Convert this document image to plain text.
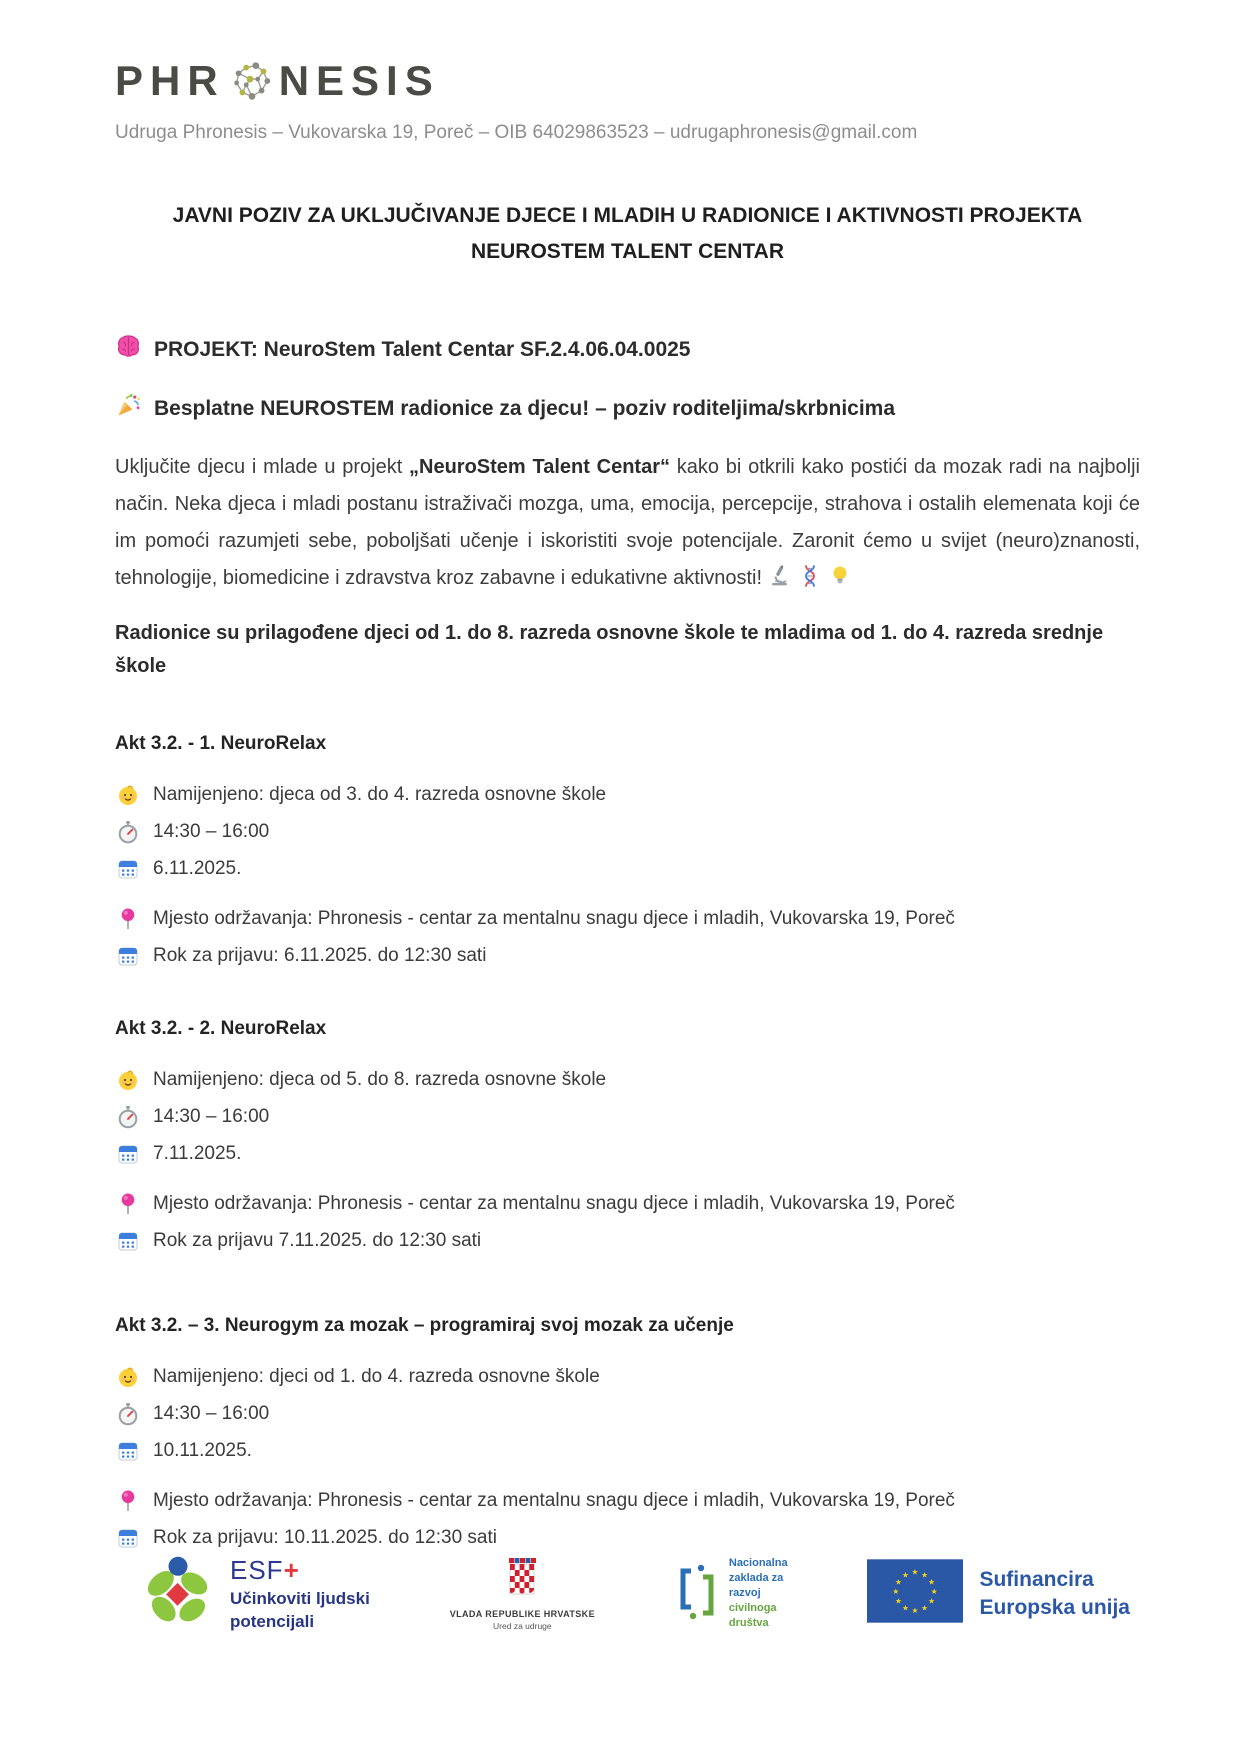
PHR NESIS
Udruga Phronesis – Vukovarska 19, Poreč – OIB 64029863523 – udrugaphronesis@gmail.com
JAVNI POZIV ZA UKLJUČIVANJE DJECE I MLADIH U RADIONICE I AKTIVNOSTI PROJEKTA NEUROSTEM TALENT CENTAR
PROJEKT: NeuroStem Talent Centar SF.2.4.06.04.0025
Besplatne NEUROSTEM radionice za djecu! – poziv roditeljima/skrbnicima
Uključite djecu i mlade u projekt „NeuroStem Talent Centar“ kako bi otkrili kako postići da mozak radi na najbolji način. Neka djeca i mladi postanu istraživači mozga, uma, emocija, percepcije, strahova i ostalih elemenata koji će im pomoći razumjeti sebe, poboljšati učenje i iskoristiti svoje potencijale. Zaronit ćemo u svijet (neuro)znanosti, tehnologije, biomedicine i zdravstva kroz zabavne i edukativne aktivnosti!
Radionice su prilagođene djeci od 1. do 8. razreda osnovne škole te mladima od 1. do 4. razreda srednje škole
Akt 3.2. - 1. NeuroRelax
Namijenjeno: djeca od 3. do 4. razreda osnovne škole
14:30 – 16:00
6.11.2025.
Mjesto održavanja: Phronesis - centar za mentalnu snagu djece i mladih, Vukovarska 19, Poreč
Rok za prijavu: 6.11.2025. do 12:30 sati
Akt 3.2. - 2. NeuroRelax
Namijenjeno: djeca od 5. do 8. razreda osnovne škole
14:30 – 16:00
7.11.2025.
Mjesto održavanja: Phronesis - centar za mentalnu snagu djece i mladih, Vukovarska 19, Poreč
Rok za prijavu 7.11.2025. do 12:30 sati
Akt 3.2. – 3. Neurogym za mozak – programiraj svoj mozak za učenje
Namijenjeno: djeci od 1. do 4. razreda osnovne škole
14:30 – 16:00
10.11.2025.
Mjesto održavanja: Phronesis - centar za mentalnu snagu djece i mladih, Vukovarska 19, Poreč
Rok za prijavu: 10.11.2025. do 12:30 sati
ESF+
Učinkoviti ljudski
potencijali	VLADA REPUBLIKE HRVATSKE
Ured za udruge
Nacionalna
zaklada za
razvoj
civilnoga
društva
★ ★
★
★
★
★
★
★
★
★
★
★	Sufinancira
Europska unija
